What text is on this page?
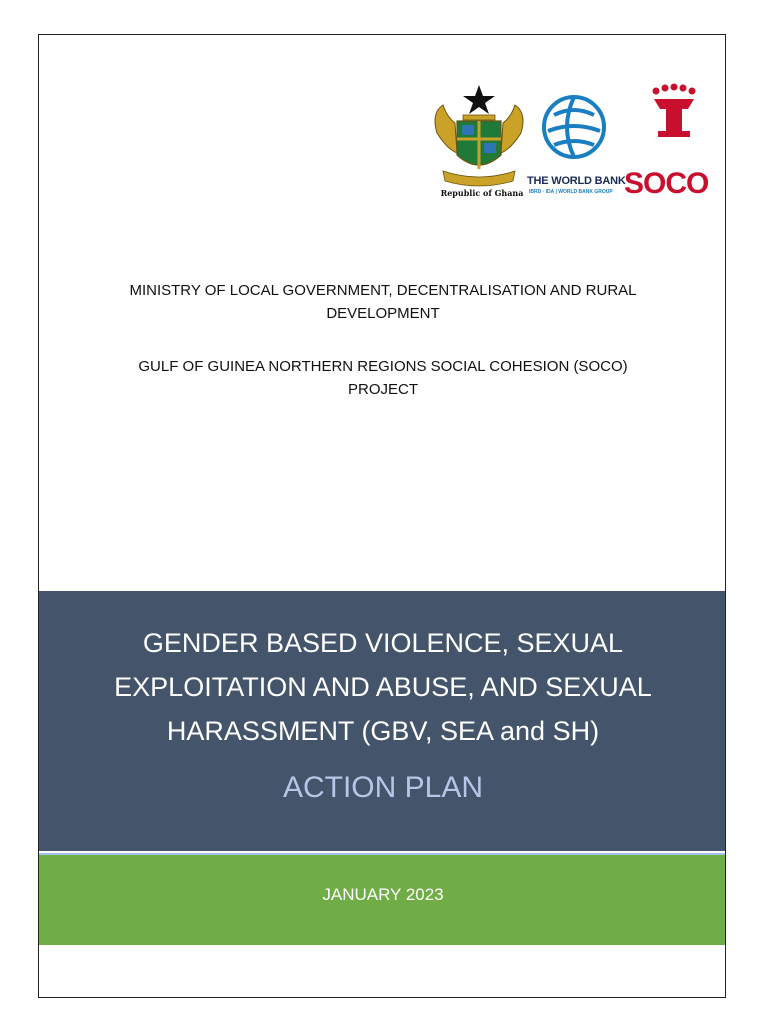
Republic of Ghana
THE WORLD BANK
IBRD · IDA | WORLD BANK GROUP SOCO
MINISTRY OF LOCAL GOVERNMENT, DECENTRALISATION AND RURAL
DEVELOPMENT
GULF OF GUINEA NORTHERN REGIONS SOCIAL COHESION (SOCO)
PROJECT
GENDER BASED VIOLENCE, SEXUAL
EXPLOITATION AND ABUSE, AND SEXUAL
HARASSMENT (GBV, SEA and SH)
ACTION PLAN
JANUARY 2023
